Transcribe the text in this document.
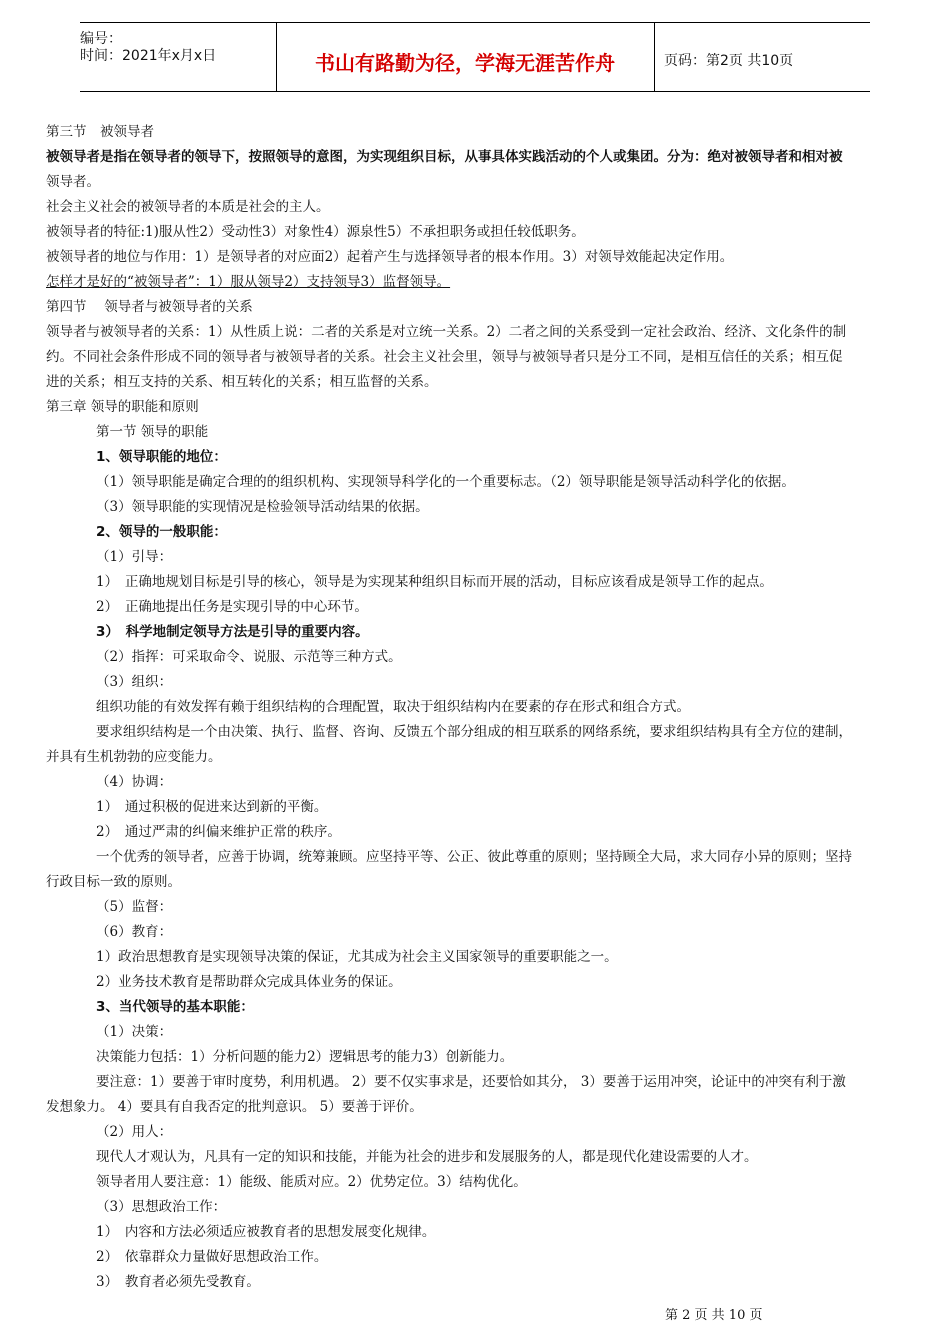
编号：
时间：2021年x月x日	书山有路勤为径，学海无涯苦作舟	页码：第2页 共10页
第三节　被领导者
被领导者是指在领导者的领导下，按照领导的意图，为实现组织目标，从事具体实践活动的个人或集团。分为：绝对被领导者和相对被
领导者。
社会主义社会的被领导者的本质是社会的主人。
被领导者的特征:1)服从性2）受动性3）对象性4）源泉性5）不承担职务或担任较低职务。
被领导者的地位与作用：1）是领导者的对应面2）起着产生与选择领导者的根本作用。3）对领导效能起决定作用。
怎样才是好的“被领导者”：1）服从领导2）支持领导3）监督领导。
第四节　 领导者与被领导者的关系
领导者与被领导者的关系：1）从性质上说：二者的关系是对立统一关系。2）二者之间的关系受到一定社会政治、经济、文化条件的制
约。不同社会条件形成不同的领导者与被领导者的关系。社会主义社会里，领导与被领导者只是分工不同，是相互信任的关系；相互促
进的关系；相互支持的关系、相互转化的关系；相互监督的关系。
第三章 领导的职能和原则
第一节 领导的职能
1、领导职能的地位：
（1）领导职能是确定合理的的组织机构、实现领导科学化的一个重要标志。（2）领导职能是领导活动科学化的依据。
（3）领导职能的实现情况是检验领导活动结果的依据。
2、领导的一般职能：
（1）引导：
1）　正确地规划目标是引导的核心，领导是为实现某种组织目标而开展的活动，目标应该看成是领导工作的起点。
2）　正确地提出任务是实现引导的中心环节。
3）　科学地制定领导方法是引导的重要内容。
（2）指挥：可采取命令、说服、示范等三种方式。
（3）组织：
组织功能的有效发挥有赖于组织结构的合理配置，取决于组织结构内在要素的存在形式和组合方式。
要求组织结构是一个由决策、执行、监督、咨询、反馈五个部分组成的相互联系的网络系统，要求组织结构具有全方位的建制，
并具有生机勃勃的应变能力。
（4）协调：
1）　通过积极的促进来达到新的平衡。
2）　通过严肃的纠偏来维护正常的秩序。
一个优秀的领导者，应善于协调，统筹兼顾。应坚持平等、公正、彼此尊重的原则；坚持顾全大局，求大同存小异的原则；坚持
行政目标一致的原则。
（5）监督：
（6）教育：
1）政治思想教育是实现领导决策的保证，尤其成为社会主义国家领导的重要职能之一。
2）业务技术教育是帮助群众完成具体业务的保证。
3、当代领导的基本职能：
（1）决策：
决策能力包括：1）分析问题的能力2）逻辑思考的能力3）创新能力。
要注意：1）要善于审时度势，利用机遇。 2）要不仅实事求是，还要恰如其分， 3）要善于运用冲突，论证中的冲突有利于激
发想象力。 4）要具有自我否定的批判意识。 5）要善于评价。
（2）用人：
现代人才观认为，凡具有一定的知识和技能，并能为社会的进步和发展服务的人，都是现代化建设需要的人才。
领导者用人要注意：1）能级、能质对应。2）优势定位。3）结构优化。
（3）思想政治工作：
1）　内容和方法必须适应被教育者的思想发展变化规律。
2）　依靠群众力量做好思想政治工作。
3）　教育者必须先受教育。
第 2 页 共 10 页
